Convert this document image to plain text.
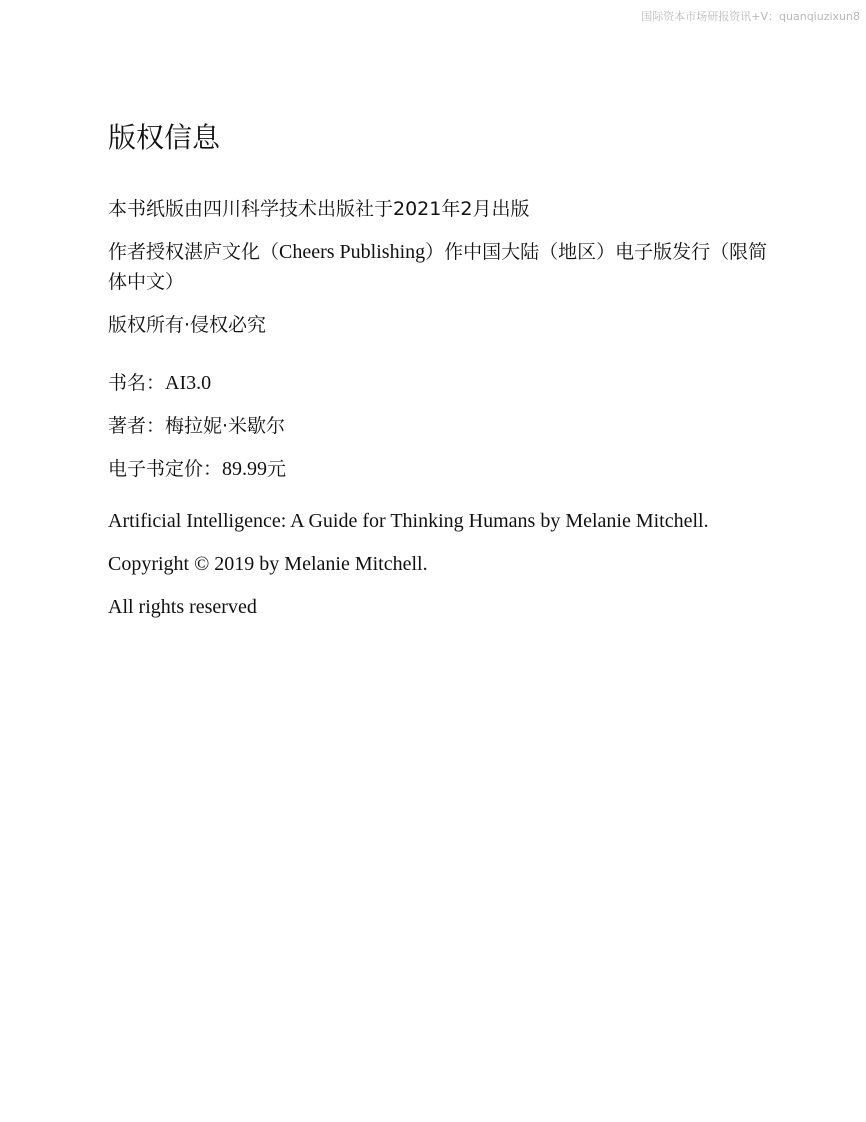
国际资本市场研报资讯+V：quanqiuzixun8
版权信息

本书纸版由四川科学技术出版社于2021年2月出版

作者授权湛庐文化（Cheers Publishing）作中国大陆（地区）电子版发行（限简体中文）

版权所有·侵权必究

书名：AI3.0

著者：梅拉妮·米歇尔

电子书定价：89.99元

Artificial Intelligence: A Guide for Thinking Humans by Melanie Mitchell.

Copyright © 2019 by Melanie Mitchell.

All rights reserved
